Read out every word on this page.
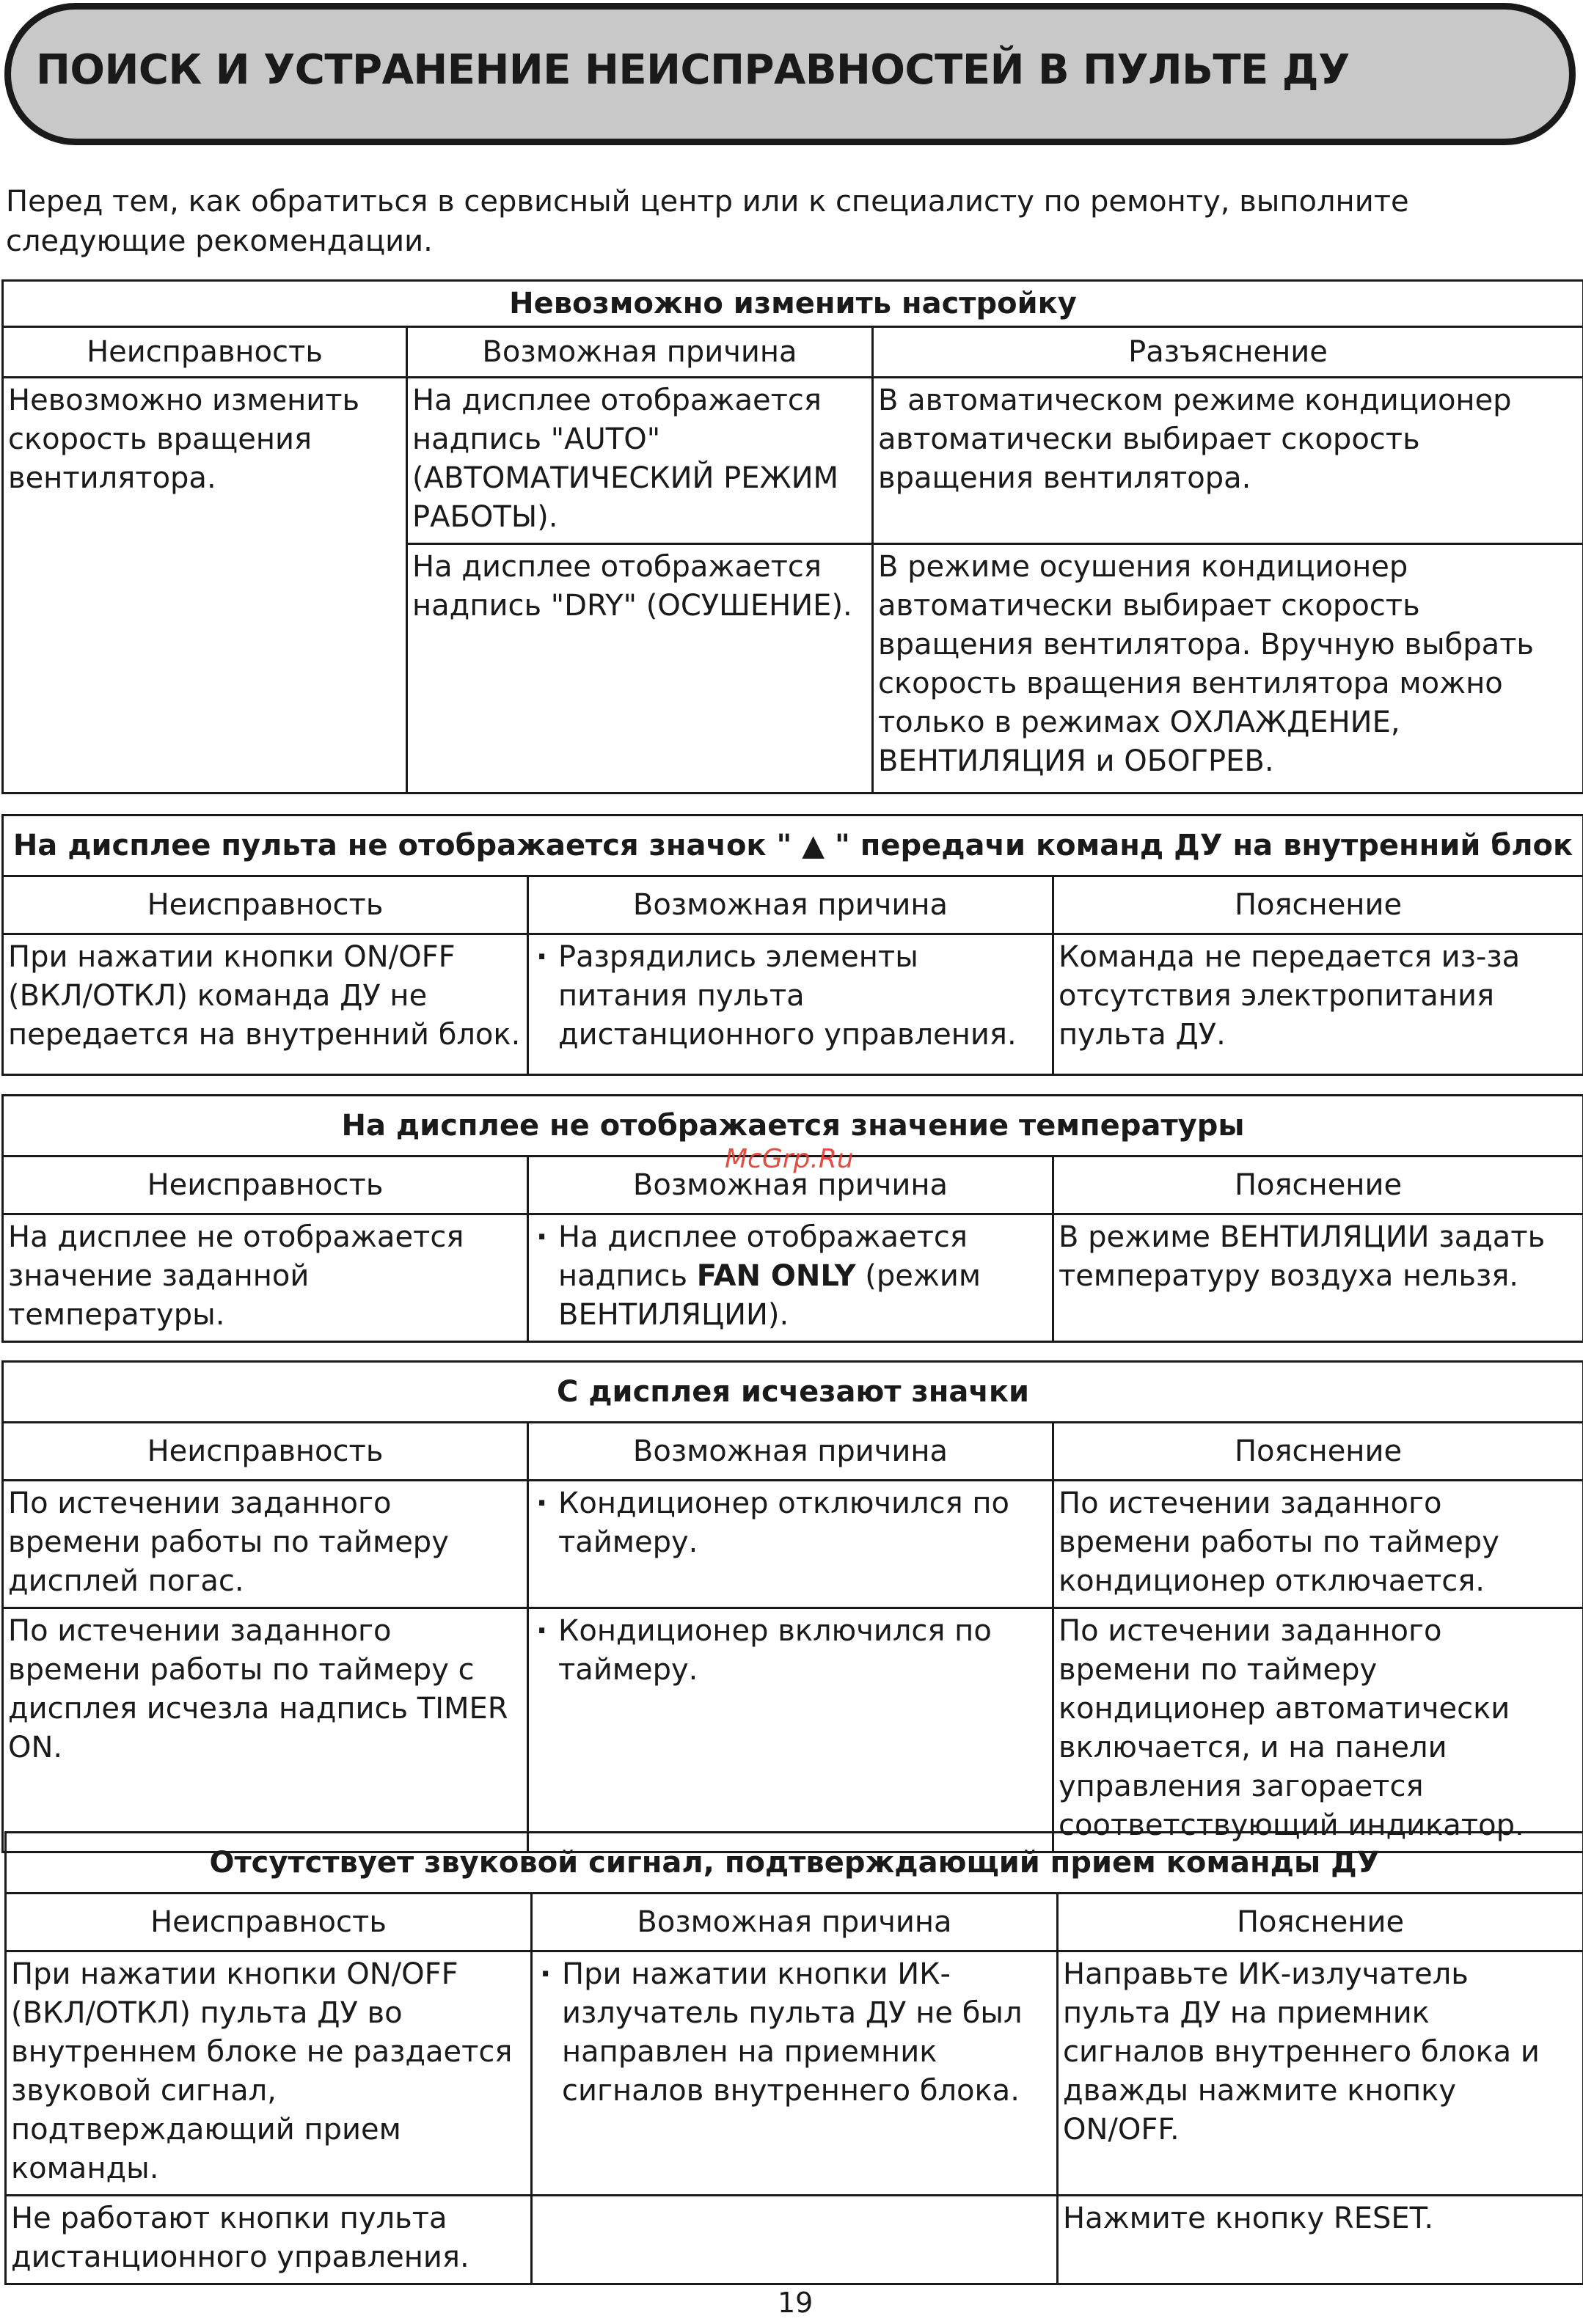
ПОИСК И УСТРАНЕНИЕ НЕИСПРАВНОСТЕЙ В ПУЛЬТЕ ДУ

Перед тем, как обратиться в сервисный центр или к специалисту по ремонту, выполните следующие рекомендации.

Невозможно изменить настройку		
Неисправность	Возможная причина	Разъяснение
Невозможно изменить скорость вращения вентилятора.	На дисплее отображается надпись "AUTO" (АВТОМАТИЧЕСКИЙ РЕЖИМ РАБОТЫ).	В автоматическом режиме кондиционер автоматически выбирает скорость вращения вентилятора.
	На дисплее отображается надпись "DRY" (ОСУШЕНИЕ).	В режиме осушения кондиционер автоматически выбирает скорость вращения вентилятора. Вручную выбрать скорость вращения вентилятора можно только в режимах ОХЛАЖДЕНИЕ, ВЕНТИЛЯЦИЯ и ОБОГРЕВ.
На дисплее пульта не отображается значок " ▲ " передачи команд ДУ на внутренний блок		
Неисправность	Возможная причина	Пояснение
При нажатии кнопки ON/OFF (ВКЛ/ОТКЛ) команда ДУ не передается на внутренний блок.	· Разрядились элементы питания пульта дистанционного управления.	Команда не передается из-за отсутствия электропитания пульта ДУ.
На дисплее не отображается значение температуры		
Неисправность	Возможная причина	Пояснение
На дисплее не отображается значение заданной температуры.	· На дисплее отображается надпись FAN ONLY (режим ВЕНТИЛЯЦИИ).	В режиме ВЕНТИЛЯЦИИ задать температуру воздуха нельзя.
С дисплея исчезают значки		
Неисправность	Возможная причина	Пояснение
По истечении заданного времени работы по таймеру дисплей погас.	· Кондиционер отключился по таймеру.	По истечении заданного времени работы по таймеру кондиционер отключается.
По истечении заданного времени работы по таймеру с дисплея исчезла надпись TIMER ON.	· Кондиционер включился по таймеру.	По истечении заданного времени по таймеру кондиционер автоматически включается, и на панели управления загорается соответствующий индикатор.
Отсутствует звуковой сигнал, подтверждающий прием команды ДУ		
Неисправность	Возможная причина	Пояснение
При нажатии кнопки ON/OFF (ВКЛ/ОТКЛ) пульта ДУ во внутреннем блоке не раздается звуковой сигнал, подтверждающий прием команды.	· При нажатии кнопки ИК-излучатель пульта ДУ не был направлен на приемник сигналов внутреннего блока.	Направьте ИК-излучатель пульта ДУ на приемник сигналов внутреннего блока и дважды нажмите кнопку ON/OFF.
Не работают кнопки пульта дистанционного управления.		Нажмите кнопку RESET.
McGrp.Ru
19
